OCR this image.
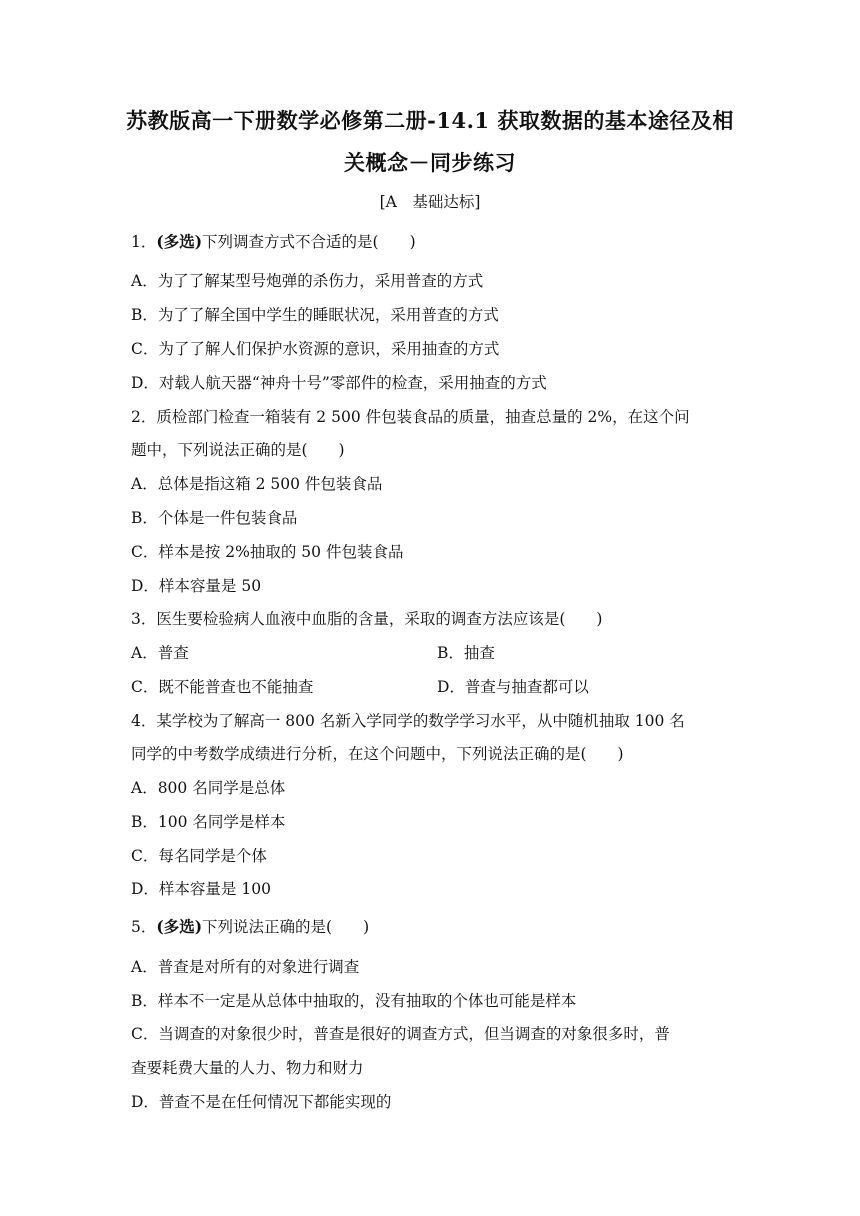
苏教版高一下册数学必修第二册-14.1 获取数据的基本途径及相
关概念－同步练习
[A　基础达标]
1．(多选)下列调查方式不合适的是(　　)
A．为了了解某型号炮弹的杀伤力，采用普查的方式
B．为了了解全国中学生的睡眠状况，采用普查的方式
C．为了了解人们保护水资源的意识，采用抽查的方式
D．对载人航天器“神舟十号”零部件的检查，采用抽查的方式
2．质检部门检查一箱装有 2 500 件包装食品的质量，抽查总量的 2%，在这个问
题中，下列说法正确的是(　　)
A．总体是指这箱 2 500 件包装食品
B．个体是一件包装食品
C．样本是按 2%抽取的 50 件包装食品
D．样本容量是 50
3．医生要检验病人血液中血脂的含量，采取的调查方法应该是(　　)
A．普查	B．抽查
C．既不能普查也不能抽查	D．普查与抽查都可以
4．某学校为了解高一 800 名新入学同学的数学学习水平，从中随机抽取 100 名
同学的中考数学成绩进行分析，在这个问题中，下列说法正确的是(　　)
A．800 名同学是总体
B．100 名同学是样本
C．每名同学是个体
D．样本容量是 100
5．(多选)下列说法正确的是(　　)
A．普查是对所有的对象进行调查
B．样本不一定是从总体中抽取的，没有抽取的个体也可能是样本
C．当调查的对象很少时，普查是很好的调查方式，但当调查的对象很多时，普
查要耗费大量的人力、物力和财力
D．普查不是在任何情况下都能实现的
